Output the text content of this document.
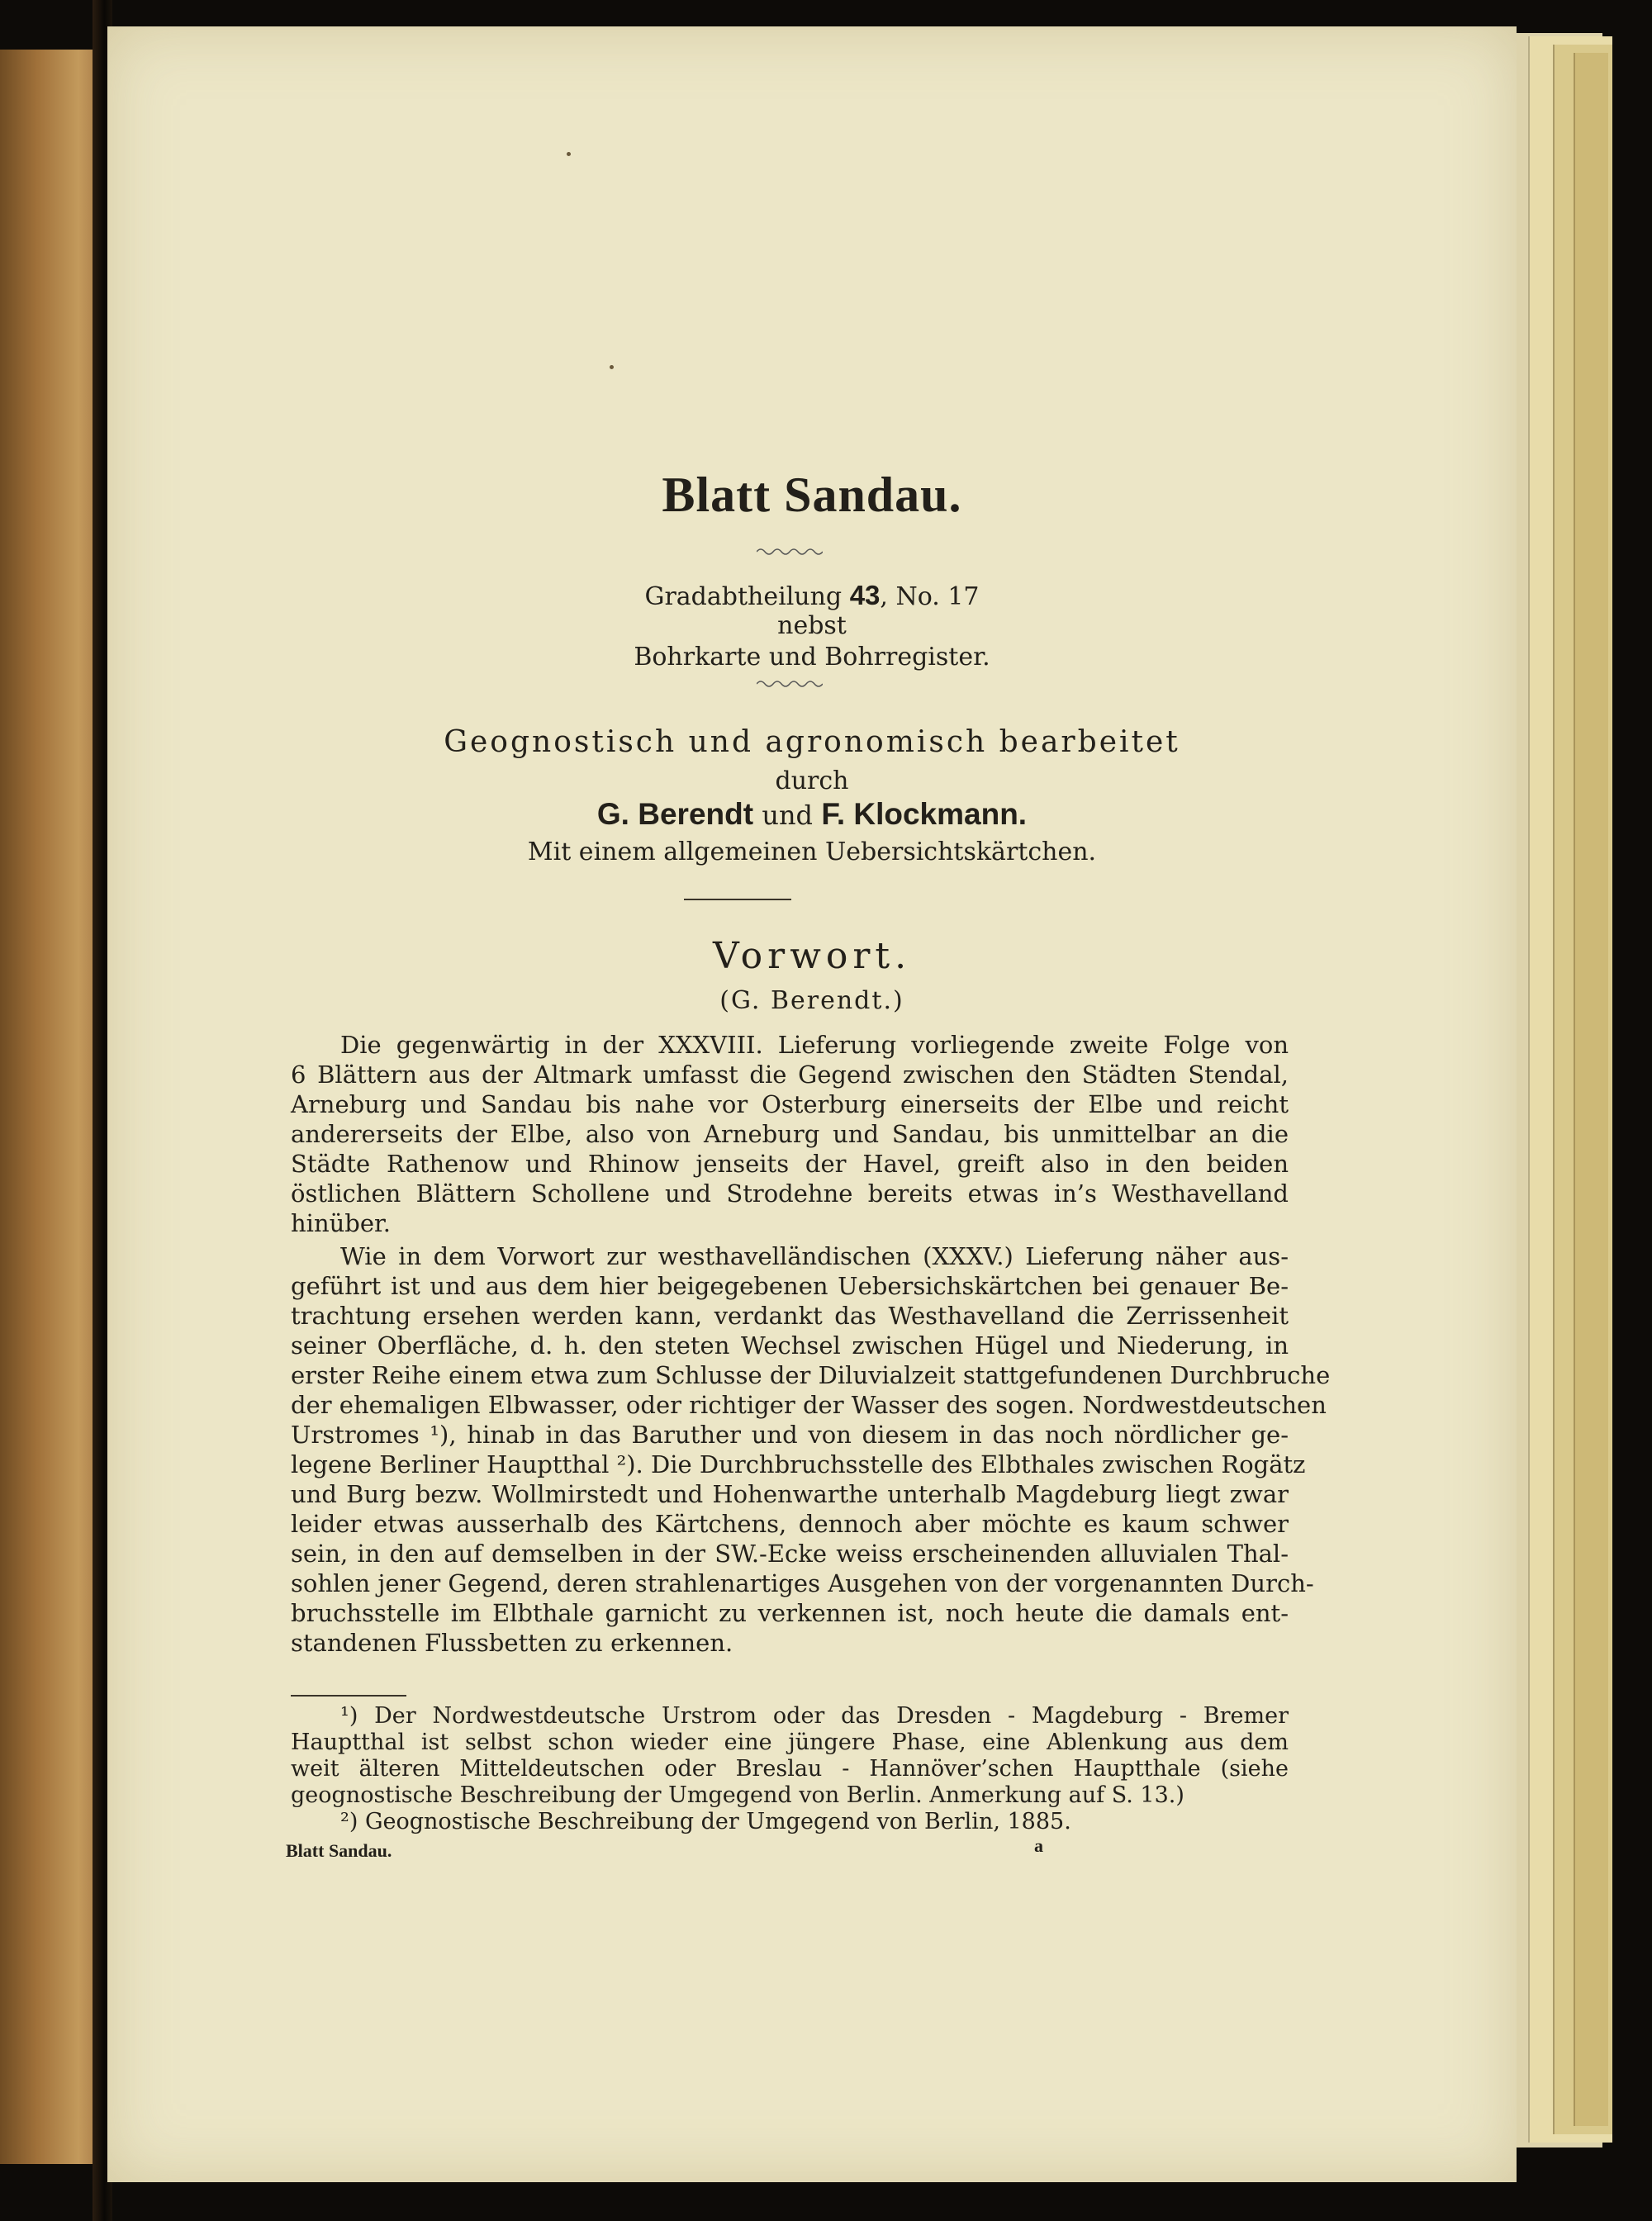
Blatt Sandau.
Gradabtheilung 43, No. 17
nebst
Bohrkarte und Bohrregister.
Geognostisch und agronomisch bearbeitet
durch
G. Berendt und F. Klockmann.
Mit einem allgemeinen Uebersichtskärtchen.
Vorwort.
(G. Berendt.)
Die gegenwärtig in der XXXVIII. Lieferung vorliegende zweite Folge von
6 Blättern aus der Altmark umfasst die Gegend zwischen den Städten Stendal,
Arneburg und Sandau bis nahe vor Osterburg einerseits der Elbe und reicht
andererseits der Elbe, also von Arneburg und Sandau, bis unmittelbar an die
Städte Rathenow und Rhinow jenseits der Havel, greift also in den beiden
östlichen Blättern Schollene und Strodehne bereits etwas in’s Westhavelland
hinüber.
Wie in dem Vorwort zur westhavelländischen (XXXV.) Lieferung näher aus-
geführt ist und aus dem hier beigegebenen Uebersichskärtchen bei genauer Be-
trachtung ersehen werden kann, verdankt das Westhavelland die Zerrissenheit
seiner Oberfläche, d. h. den steten Wechsel zwischen Hügel und Niederung, in
erster Reihe einem etwa zum Schlusse der Diluvialzeit stattgefundenen Durchbruche
der ehemaligen Elbwasser, oder richtiger der Wasser des sogen. Nordwestdeutschen
Urstromes ¹), hinab in das Baruther und von diesem in das noch nördlicher ge-
legene Berliner Hauptthal ²). Die Durchbruchsstelle des Elbthales zwischen Rogätz
und Burg bezw. Wollmirstedt und Hohenwarthe unterhalb Magdeburg liegt zwar
leider etwas ausserhalb des Kärtchens, dennoch aber möchte es kaum schwer
sein, in den auf demselben in der SW.-Ecke weiss erscheinenden alluvialen Thal-
sohlen jener Gegend, deren strahlenartiges Ausgehen von der vorgenannten Durch-
bruchsstelle im Elbthale garnicht zu verkennen ist, noch heute die damals ent-
standenen Flussbetten zu erkennen.
¹) Der Nordwestdeutsche Urstrom oder das Dresden - Magdeburg - Bremer
Hauptthal ist selbst schon wieder eine jüngere Phase, eine Ablenkung aus dem
weit älteren Mitteldeutschen oder Breslau - Hannöver’schen Hauptthale (siehe
geognostische Beschreibung der Umgegend von Berlin. Anmerkung auf S. 13.)
²) Geognostische Beschreibung der Umgegend von Berlin, 1885.
Blatt Sandau.	a
